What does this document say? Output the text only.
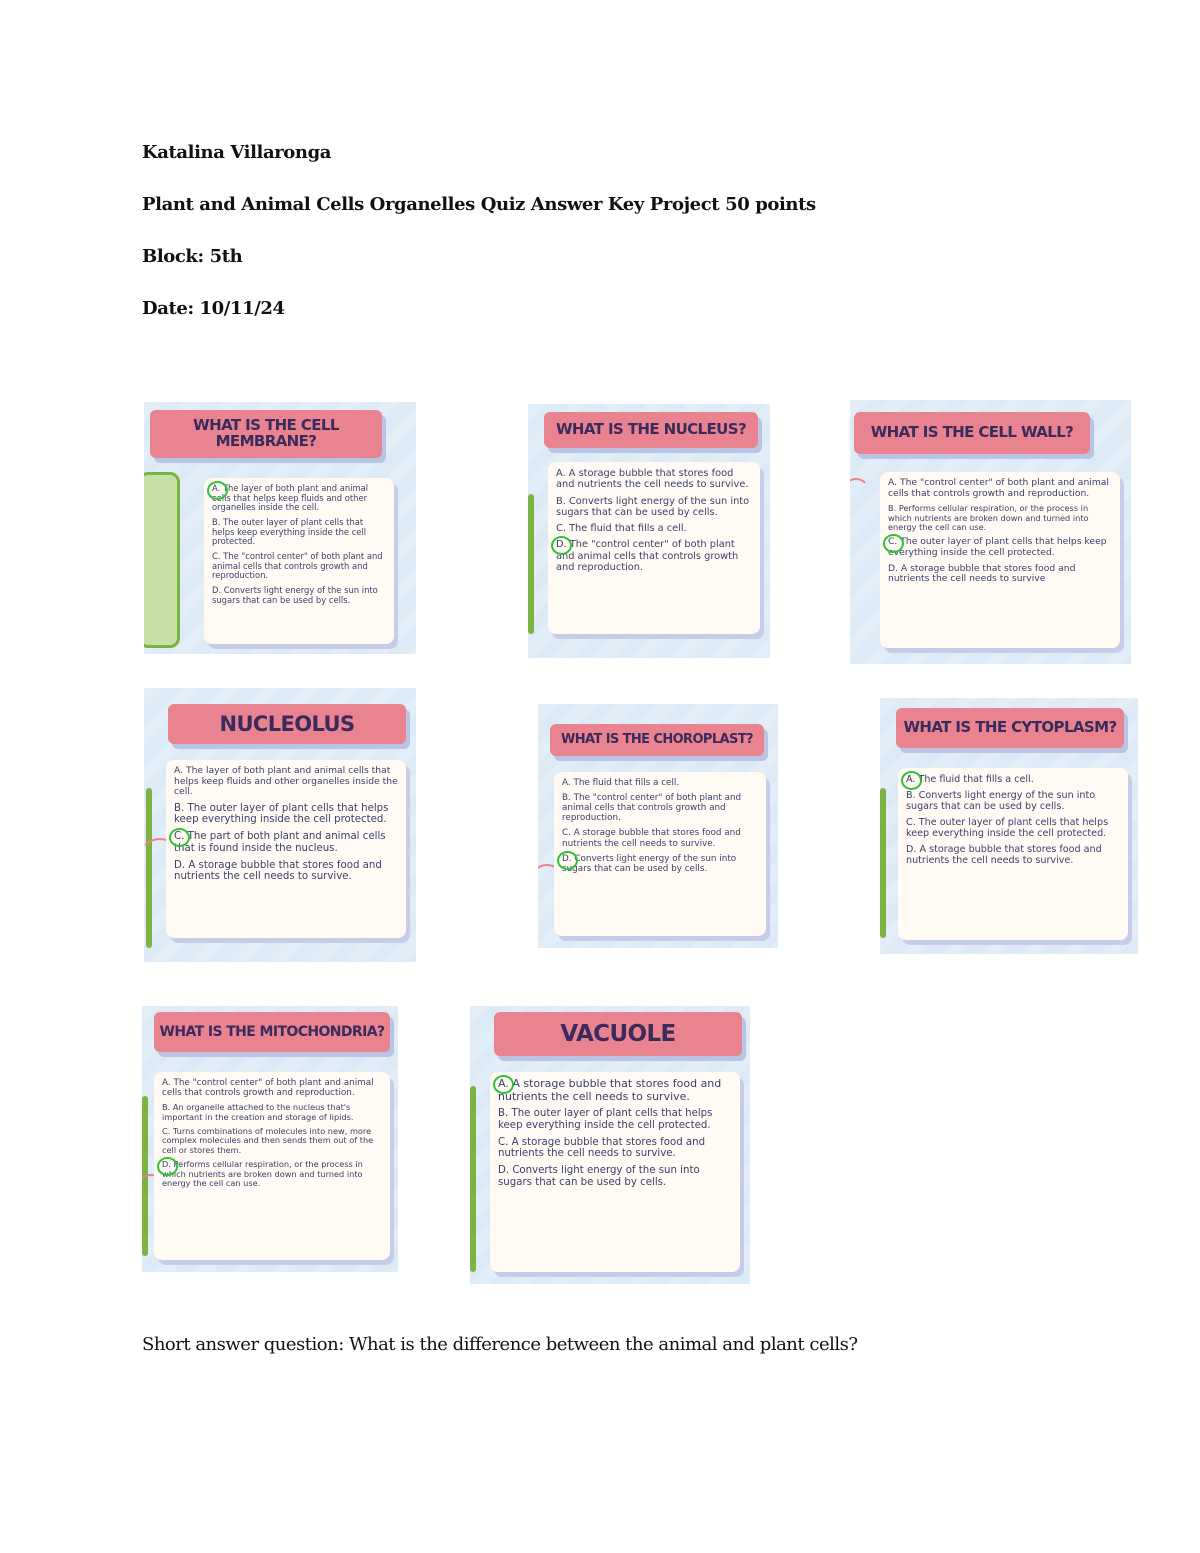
Katalina Villaronga
Plant and Animal Cells Organelles Quiz Answer Key Project 50 points
Block: 5th
Date: 10/11/24
WHAT IS THE CELL MEMBRANE?
A. The layer of both plant and animal cells that helps keep fluids and other organelles inside the cell.
B. The outer layer of plant cells that helps keep everything inside the cell protected.
C. The "control center" of both plant and animal cells that controls growth and reproduction.
D. Converts light energy of the sun into sugars that can be used by cells.
WHAT IS THE NUCLEUS?
A. A storage bubble that stores food and nutrients the cell needs to survive.
B. Converts light energy of the sun into sugars that can be used by cells.
C. The fluid that fills a cell.
D. The "control center" of both plant and animal cells that controls growth and reproduction.
WHAT IS THE CELL WALL?
A. The "control center" of both plant and animal cells that controls growth and reproduction.
B. Performs cellular respiration, or the process in which nutrients are broken down and turned into energy the cell can use.
C. The outer layer of plant cells that helps keep everything inside the cell protected.
D. A storage bubble that stores food and nutrients the cell needs to survive
NUCLEOLUS
A. The layer of both plant and animal cells that helps keep fluids and other organelles inside the cell.
B. The outer layer of plant cells that helps keep everything inside the cell protected.
C. The part of both plant and animal cells that is found inside the nucleus.
D. A storage bubble that stores food and nutrients the cell needs to survive.
WHAT IS THE CHOROPLAST?
A. The fluid that fills a cell.
B. The "control center" of both plant and animal cells that controls growth and reproduction.
C. A storage bubble that stores food and nutrients the cell needs to survive.
D. Converts light energy of the sun into sugars that can be used by cells.
WHAT IS THE CYTOPLASM?
A. The fluid that fills a cell.
B. Converts light energy of the sun into sugars that can be used by cells.
C. The outer layer of plant cells that helps keep everything inside the cell protected.
D. A storage bubble that stores food and nutrients the cell needs to survive.
WHAT IS THE MITOCHONDRIA?
A. The "control center" of both plant and animal cells that controls growth and reproduction.
B. An organelle attached to the nucleus that's important in the creation and storage of lipids.
C. Turns combinations of molecules into new, more complex molecules and then sends them out of the cell or stores them.
D. Performs cellular respiration, or the process in which nutrients are broken down and turned into energy the cell can use.
VACUOLE
A. A storage bubble that stores food and nutrients the cell needs to survive.
B. The outer layer of plant cells that helps keep everything inside the cell protected.
C. A storage bubble that stores food and nutrients the cell needs to survive.
D. Converts light energy of the sun into sugars that can be used by cells.
Short answer question: What is the difference between the animal and plant cells?
